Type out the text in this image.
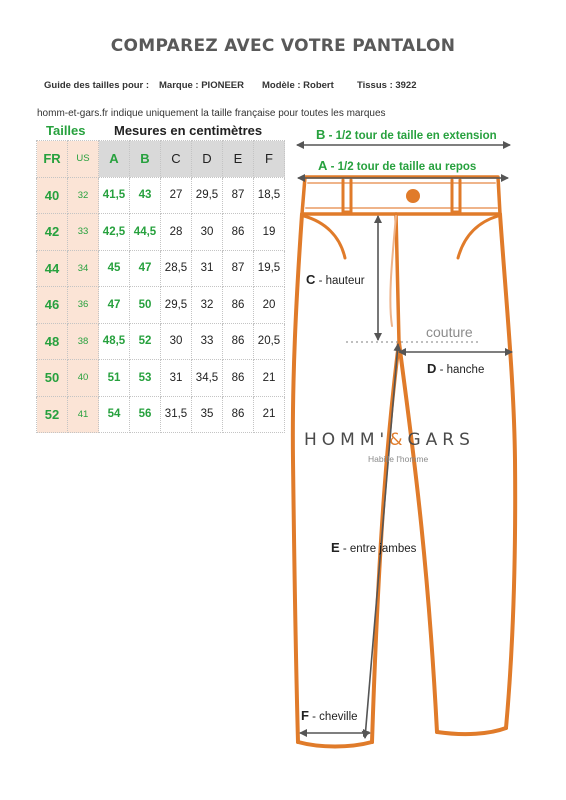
COMPAREZ AVEC VOTRE PANTALON
Guide des tailles pour : Marque : PIONEER Modèle : Robert Tissus : 3922
homm-et-gars.fr indique uniquement la taille française pour toutes les marques
Tailles Mesures en centimètres
FR	US	A	B	C	D	E	F
40	32	41,5	43	27	29,5	87	18,5
42	33	42,5	44,5	28	30	86	19
44	34	45	47	28,5	31	87	19,5
46	36	47	50	29,5	32	86	20
48	38	48,5	52	30	33	86	20,5
50	40	51	53	31	34,5	86	21
52	41	54	56	31,5	35	86	21
B - 1/2 tour de taille en extension
A - 1/2 tour de taille au repos
C - hauteur
couture
D - hanche
HOMM'&GARS
Habille l'homme
E - entre jambes
F - cheville
